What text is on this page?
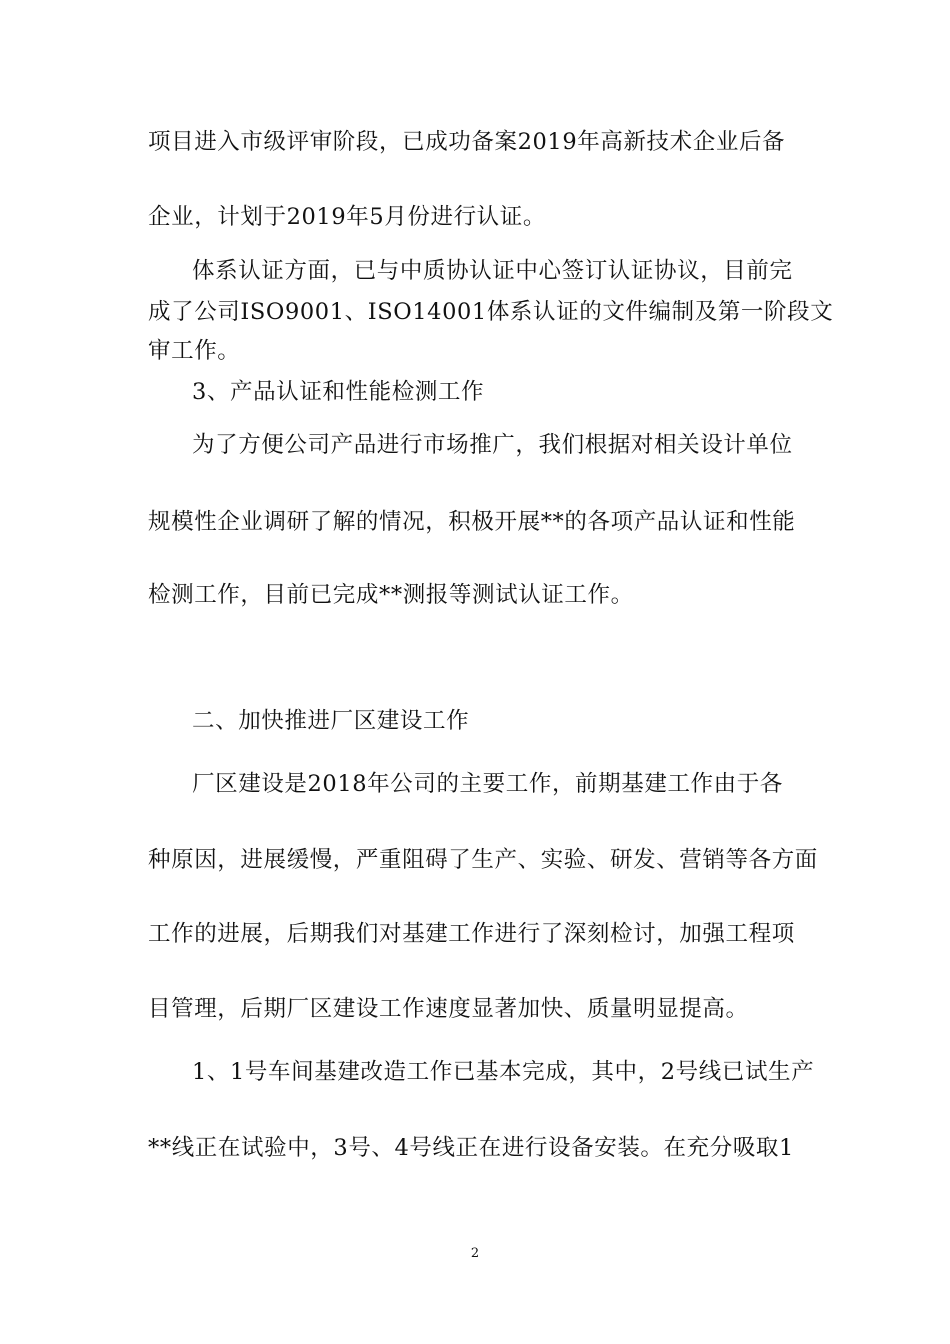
项目进入市级评审阶段，已成功备案2019年高新技术企业后备
企业，计划于2019年5月份进行认证。
体系认证方面，已与中质协认证中心签订认证协议，目前完
成了公司ISO9001、ISO14001体系认证的文件编制及第一阶段文
审工作。
3、产品认证和性能检测工作
为了方便公司产品进行市场推广，我们根据对相关设计单位
规模性企业调研了解的情况，积极开展**的各项产品认证和性能
检测工作，目前已完成**测报等测试认证工作。
二、加快推进厂区建设工作
厂区建设是2018年公司的主要工作，前期基建工作由于各
种原因，进展缓慢，严重阻碍了生产、实验、研发、营销等各方面
工作的进展，后期我们对基建工作进行了深刻检讨，加强工程项
目管理，后期厂区建设工作速度显著加快、质量明显提高。
1、1号车间基建改造工作已基本完成，其中，2号线已试生产
**线正在试验中，3号、4号线正在进行设备安装。在充分吸取1
2
